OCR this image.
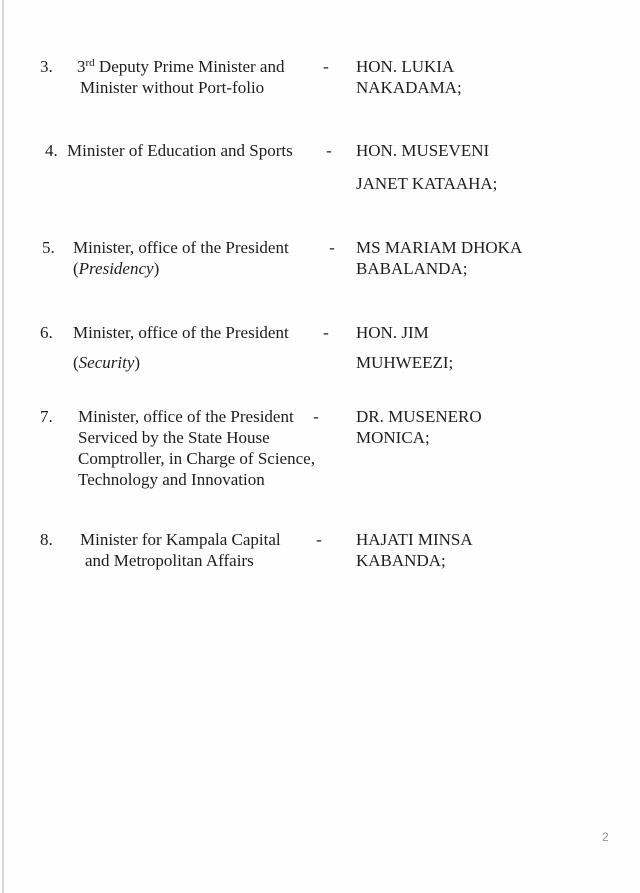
3. 3rd Deputy Prime Minister and
Minister without Port-folio
- HON. LUKIA
NAKADAMA;
4. Minister of Education and Sports - HON. MUSEVENI
JANET KATAAHA;
5. Minister, office of the President
(Presidency)
- MS MARIAM DHOKA
BABALANDA;
6. Minister, office of the President
(Security)
- HON. JIM
MUHWEEZI;
7. Minister, office of the President
Serviced by the State House
Comptroller, in Charge of Science,
Technology and Innovation
- DR. MUSENERO
MONICA;
8. Minister for Kampala Capital
and Metropolitan Affairs
- HAJATI MINSA
KABANDA;
2
